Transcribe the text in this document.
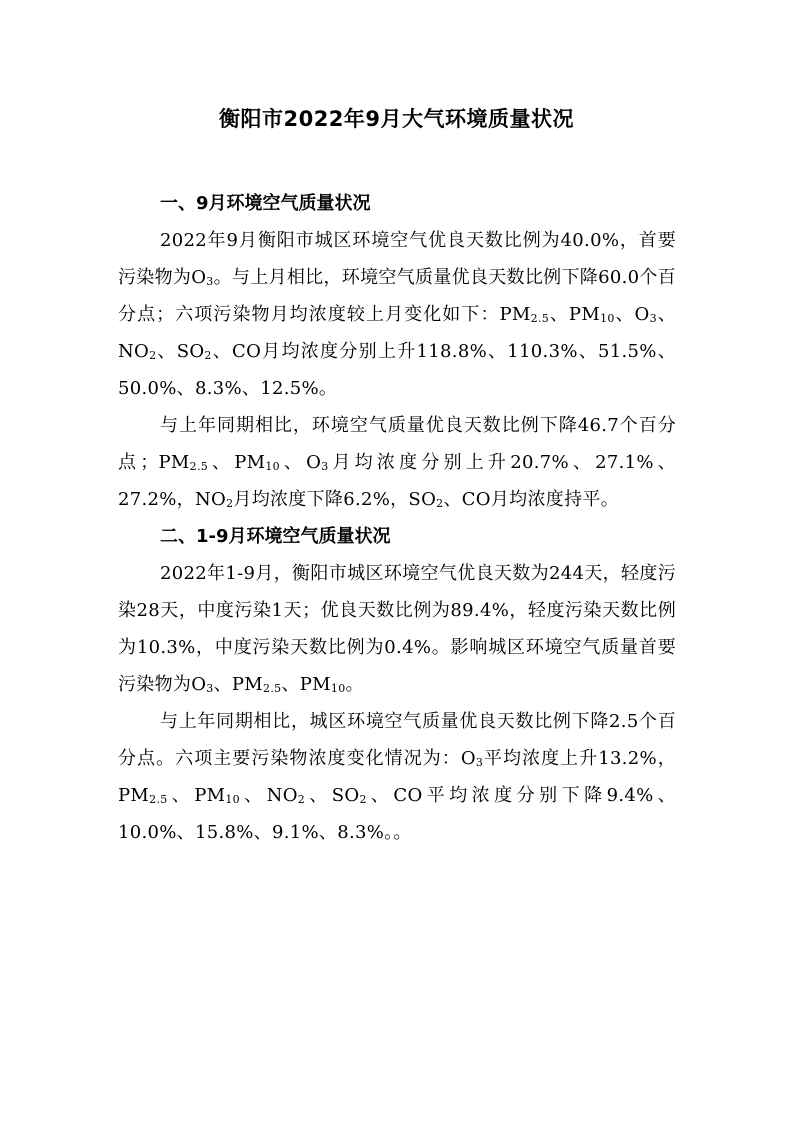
衡阳市2022年9月大气环境质量状况
一、9月环境空气质量状况

2022年9月衡阳市城区环境空气优良天数比例为40.0%，首要污染物为$O_3$。与上月相比，环境空气质量优良天数比例下降60.0个百分点；六项污染物月均浓度较上月变化如下：$PM_{2.5}$、$PM_{10}$、$O_3$、$NO_2$、$SO_2$、CO月均浓度分别上升118.8%、110.3%、51.5%、50.0%、8.3%、12.5%。

与上年同期相比，环境空气质量优良天数比例下降46.7个百分点；$PM_{2.5}$、$PM_{10}$、$O_3$月均浓度分别上升20.7%、27.1%、27.2%，$NO_2$月均浓度下降6.2%，$SO_2$、CO月均浓度持平。

二、1-9月环境空气质量状况

2022年1-9月，衡阳市城区环境空气优良天数为244天，轻度污染28天，中度污染1天；优良天数比例为89.4%，轻度污染天数比例为10.3%，中度污染天数比例为0.4%。影响城区环境空气质量首要污染物为$O_3$、$PM_{2.5}$、$PM_{10}$。

与上年同期相比，城区环境空气质量优良天数比例下降2.5个百分点。六项主要污染物浓度变化情况为：$O_3$平均浓度上升13.2%，$PM_{2.5}$、$PM_{10}$、$NO_2$、$SO_2$、CO平均浓度分别下降9.4%、10.0%、15.8%、9.1%、8.3%。。
